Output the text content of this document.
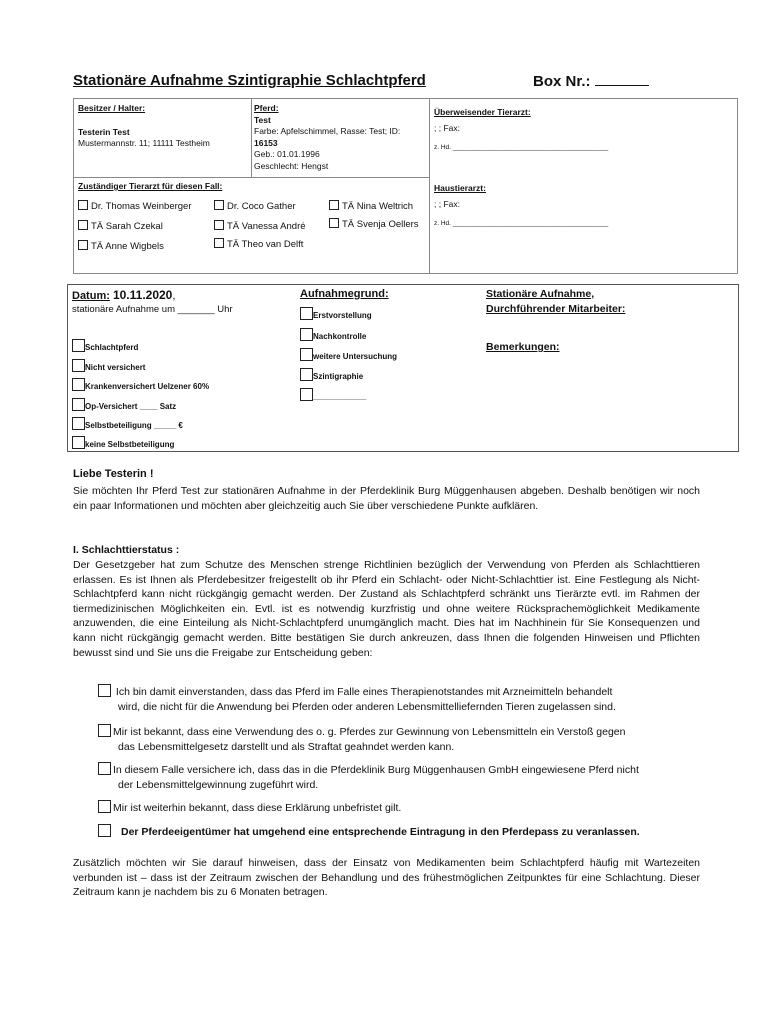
Stationäre Aufnahme Szintigraphie Schlachtpferd	Box Nr.:
Besitzer / Halter:
Testerin Test
Mustermannstr. 11; 11111 Testheim
Pferd:
Test
Farbe: Apfelschimmel, Rasse: Test; ID:
16153
Geb.: 01.01.1996
Geschlecht: Hengst
Überweisender Tierarzt:
; ; Fax:
z. Hd. ___________________________________________
Haustierarzt:
; ; Fax:
z. Hd. ___________________________________________
Zuständiger Tierarzt für diesen Fall:
Dr. Thomas Weinberger	Dr. Coco Gather	TÄ Nina Weltrich
TÄ Sarah Czekal	TÄ Vanessa André	TÄ Svenja Oellers
TÄ Anne Wigbels	TÄ Theo van Delft
Datum: 10.11.2020,
stationäre Aufnahme um _______ Uhr
Schlachtpferd
Nicht versichert
Krankenversichert Uelzener 60%
Op-Versichert ____ Satz
Selbstbeteiligung _____ €
keine Selbstbeteiligung
Aufnahmegrund:
Erstvorstellung
Nachkontrolle
weitere Untersuchung
Szintigraphie
____________
Stationäre Aufnahme,
Durchführender Mitarbeiter:
Bemerkungen:
Liebe Testerin !
Sie möchten Ihr Pferd Test zur stationären Aufnahme in der Pferdeklinik Burg Müggenhausen abgeben. Deshalb benötigen wir noch ein paar Informationen und möchten aber gleichzeitig auch Sie über verschiedene Punkte aufklären.
I. Schlachttierstatus :
Der Gesetzgeber hat zum Schutze des Menschen strenge Richtlinien bezüglich der Verwendung von Pferden als Schlachttieren erlassen. Es ist Ihnen als Pferdebesitzer freigestellt ob ihr Pferd ein Schlacht- oder Nicht-Schlachttier ist. Eine Festlegung als Nicht-Schlachtpferd kann nicht rückgängig gemacht werden. Der Zustand als Schlachtpferd schränkt uns Tierärzte evtl. im Rahmen der tiermedizinischen Möglichkeiten ein. Evtl. ist es notwendig kurzfristig und ohne weitere Rücksprachemöglichkeit Medikamente anzuwenden, die eine Einteilung als Nicht-Schlachtpferd unumgänglich macht. Dies hat im Nachhinein für Sie Konsequenzen und kann nicht rückgängig gemacht werden. Bitte bestätigen Sie durch ankreuzen, dass Ihnen die folgenden Hinweisen und Pflichten bewusst sind und Sie uns die Freigabe zur Entscheidung geben:
Ich bin damit einverstanden, dass das Pferd im Falle eines Therapienotstandes mit Arzneimitteln behandelt
wird, die nicht für die Anwendung bei Pferden oder anderen Lebensmittelliefernden Tieren zugelassen sind.
Mir ist bekannt, dass eine Verwendung des o. g. Pferdes zur Gewinnung von Lebensmitteln ein Verstoß gegen
das Lebensmittelgesetz darstellt und als Straftat geahndet werden kann.
In diesem Falle versichere ich, dass das in die Pferdeklinik Burg Müggenhausen GmbH eingewiesene Pferd nicht
der Lebensmittelgewinnung zugeführt wird.
Mir ist weiterhin bekannt, dass diese Erklärung unbefristet gilt.
Der Pferdeeigentümer hat umgehend eine entsprechende Eintragung in den Pferdepass zu veranlassen.
Zusätzlich möchten wir Sie darauf hinweisen, dass der Einsatz von Medikamenten beim Schlachtpferd häufig mit Wartezeiten verbunden ist – dass ist der Zeitraum zwischen der Behandlung und des frühestmöglichen Zeitpunktes für eine Schlachtung. Dieser Zeitraum kann je nachdem bis zu 6 Monaten betragen.
